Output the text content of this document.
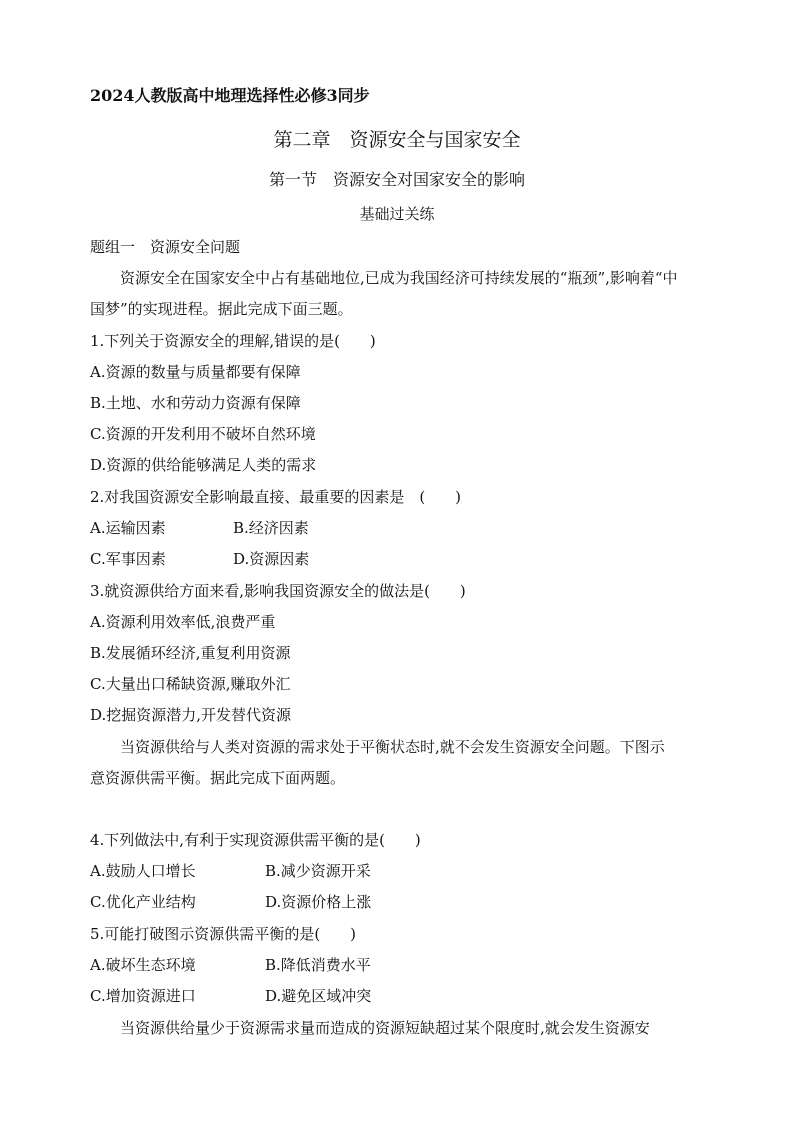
2024人教版高中地理选择性必修3同步
第二章　资源安全与国家安全
第一节　资源安全对国家安全的影响
基础过关练
题组一　资源安全问题
资源安全在国家安全中占有基础地位,已成为我国经济可持续发展的“瓶颈”,影响着“中
国梦”的实现进程。据此完成下面三题。
1.下列关于资源安全的理解,错误的是(　　)
A.资源的数量与质量都要有保障
B.土地、水和劳动力资源有保障
C.资源的开发利用不破坏自然环境
D.资源的供给能够满足人类的需求
2.对我国资源安全影响最直接、最重要的因素是　(　　)
A.运输因素	B.经济因素
C.军事因素	D.资源因素
3.就资源供给方面来看,影响我国资源安全的做法是(　　)
A.资源利用效率低,浪费严重
B.发展循环经济,重复利用资源
C.大量出口稀缺资源,赚取外汇
D.挖掘资源潜力,开发替代资源
当资源供给与人类对资源的需求处于平衡状态时,就不会发生资源安全问题。下图示
意资源供需平衡。据此完成下面两题。
4.下列做法中,有利于实现资源供需平衡的是(　　)
A.鼓励人口增长	B.减少资源开采
C.优化产业结构	D.资源价格上涨
5.可能打破图示资源供需平衡的是(　　)
A.破坏生态环境	B.降低消费水平
C.增加资源进口	D.避免区域冲突
当资源供给量少于资源需求量而造成的资源短缺超过某个限度时,就会发生资源安
